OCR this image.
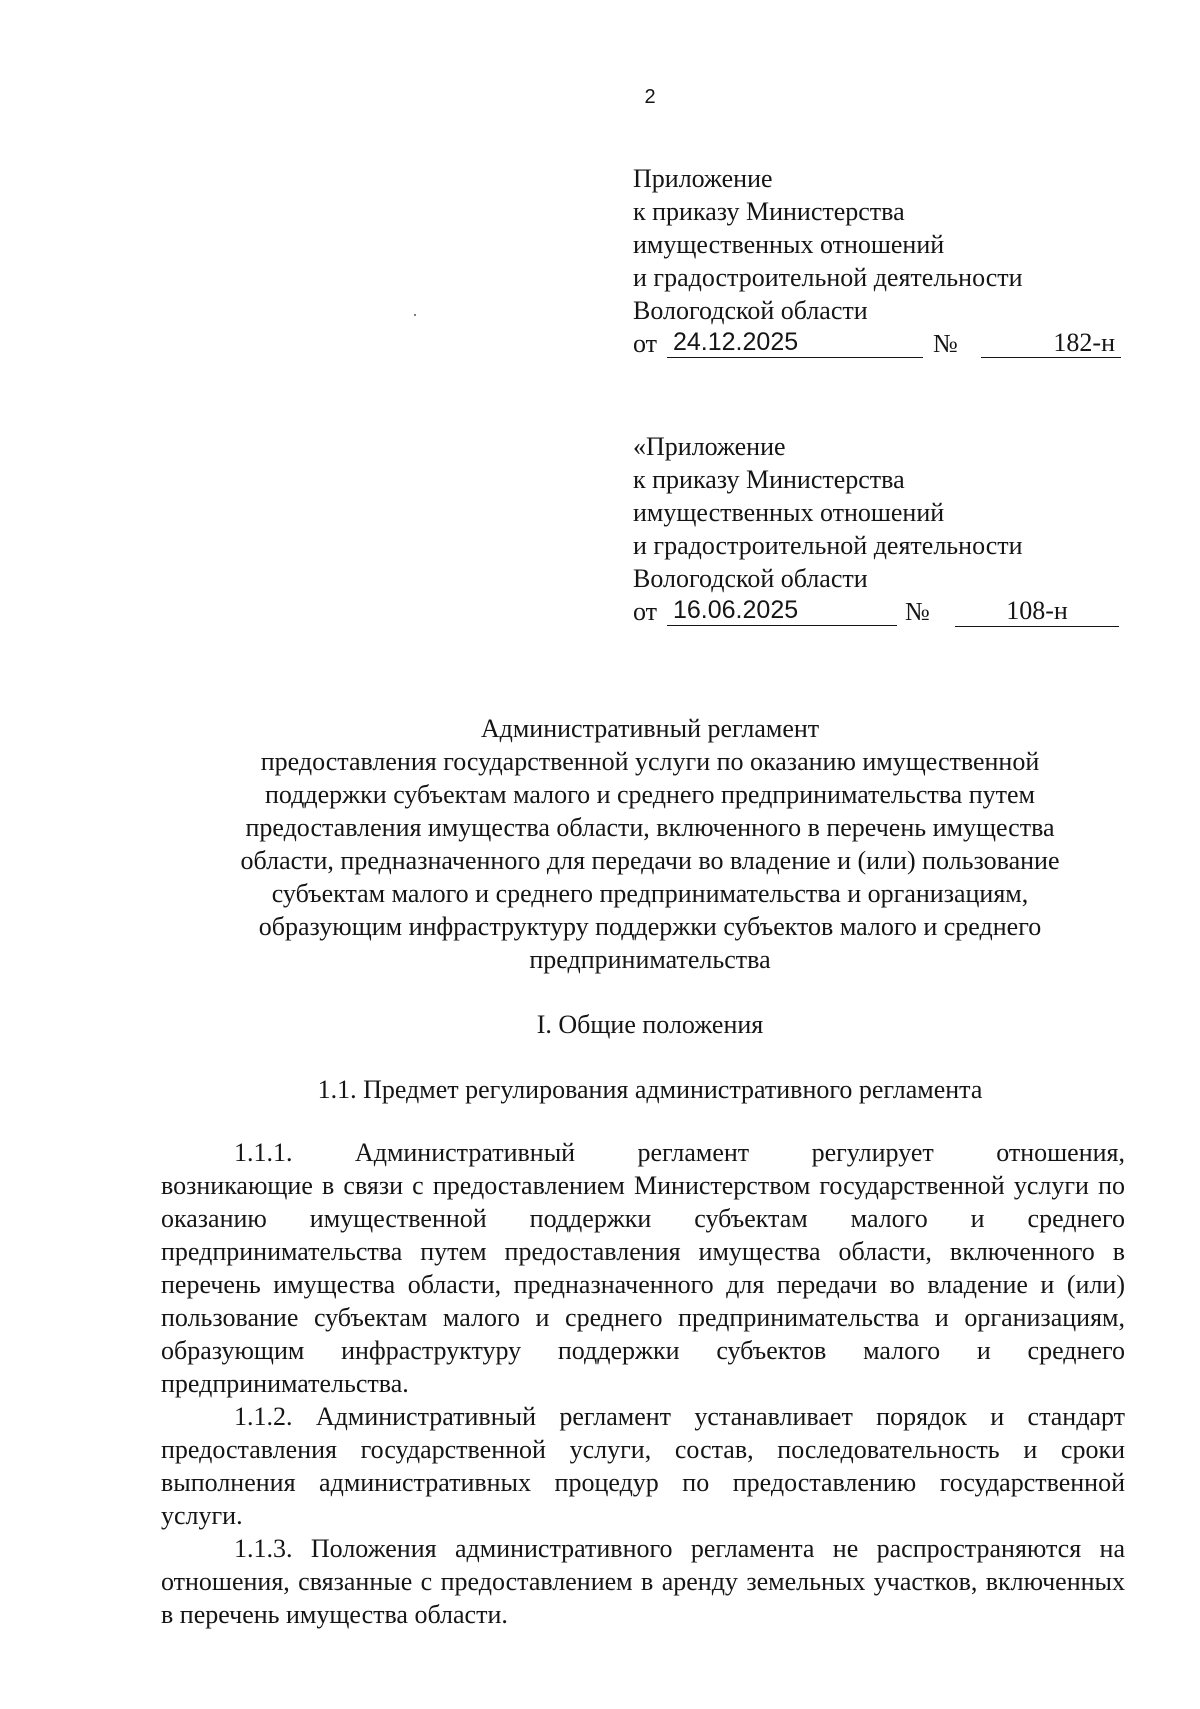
2
Приложение
к приказу Министерства
имущественных отношений
и градостроительной деятельности
Вологодской области
от 24.12.2025	№	182-н
«Приложение
к приказу Министерства
имущественных отношений
и градостроительной деятельности
Вологодской области
от 16.06.2025	№	108-н
Административный регламент
предоставления государственной услуги по оказанию имущественной
поддержки субъектам малого и среднего предпринимательства путем
предоставления имущества области, включенного в перечень имущества
области, предназначенного для передачи во владение и (или) пользование
субъектам малого и среднего предпринимательства и организациям,
образующим инфраструктуру поддержки субъектов малого и среднего
предпринимательства
I. Общие положения
1.1. Предмет регулирования административного регламента

1.1.1. Административный регламент регулирует отношения, возникающие в связи с предоставлением Министерством государственной услуги по оказанию имущественной поддержки субъектам малого и среднего предпринимательства путем предоставления имущества области, включенного в перечень имущества области, предназначенного для передачи во владение и (или) пользование субъектам малого и среднего предпринимательства и организациям, образующим инфраструктуру поддержки субъектов малого и среднего предпринимательства.

1.1.2. Административный регламент устанавливает порядок и стандарт предоставления государственной услуги, состав, последовательность и сроки выполнения административных процедур по предоставлению государственной услуги.

1.1.3. Положения административного регламента не распространяются на отношения, связанные с предоставлением в аренду земельных участков, включенных в перечень имущества области.
